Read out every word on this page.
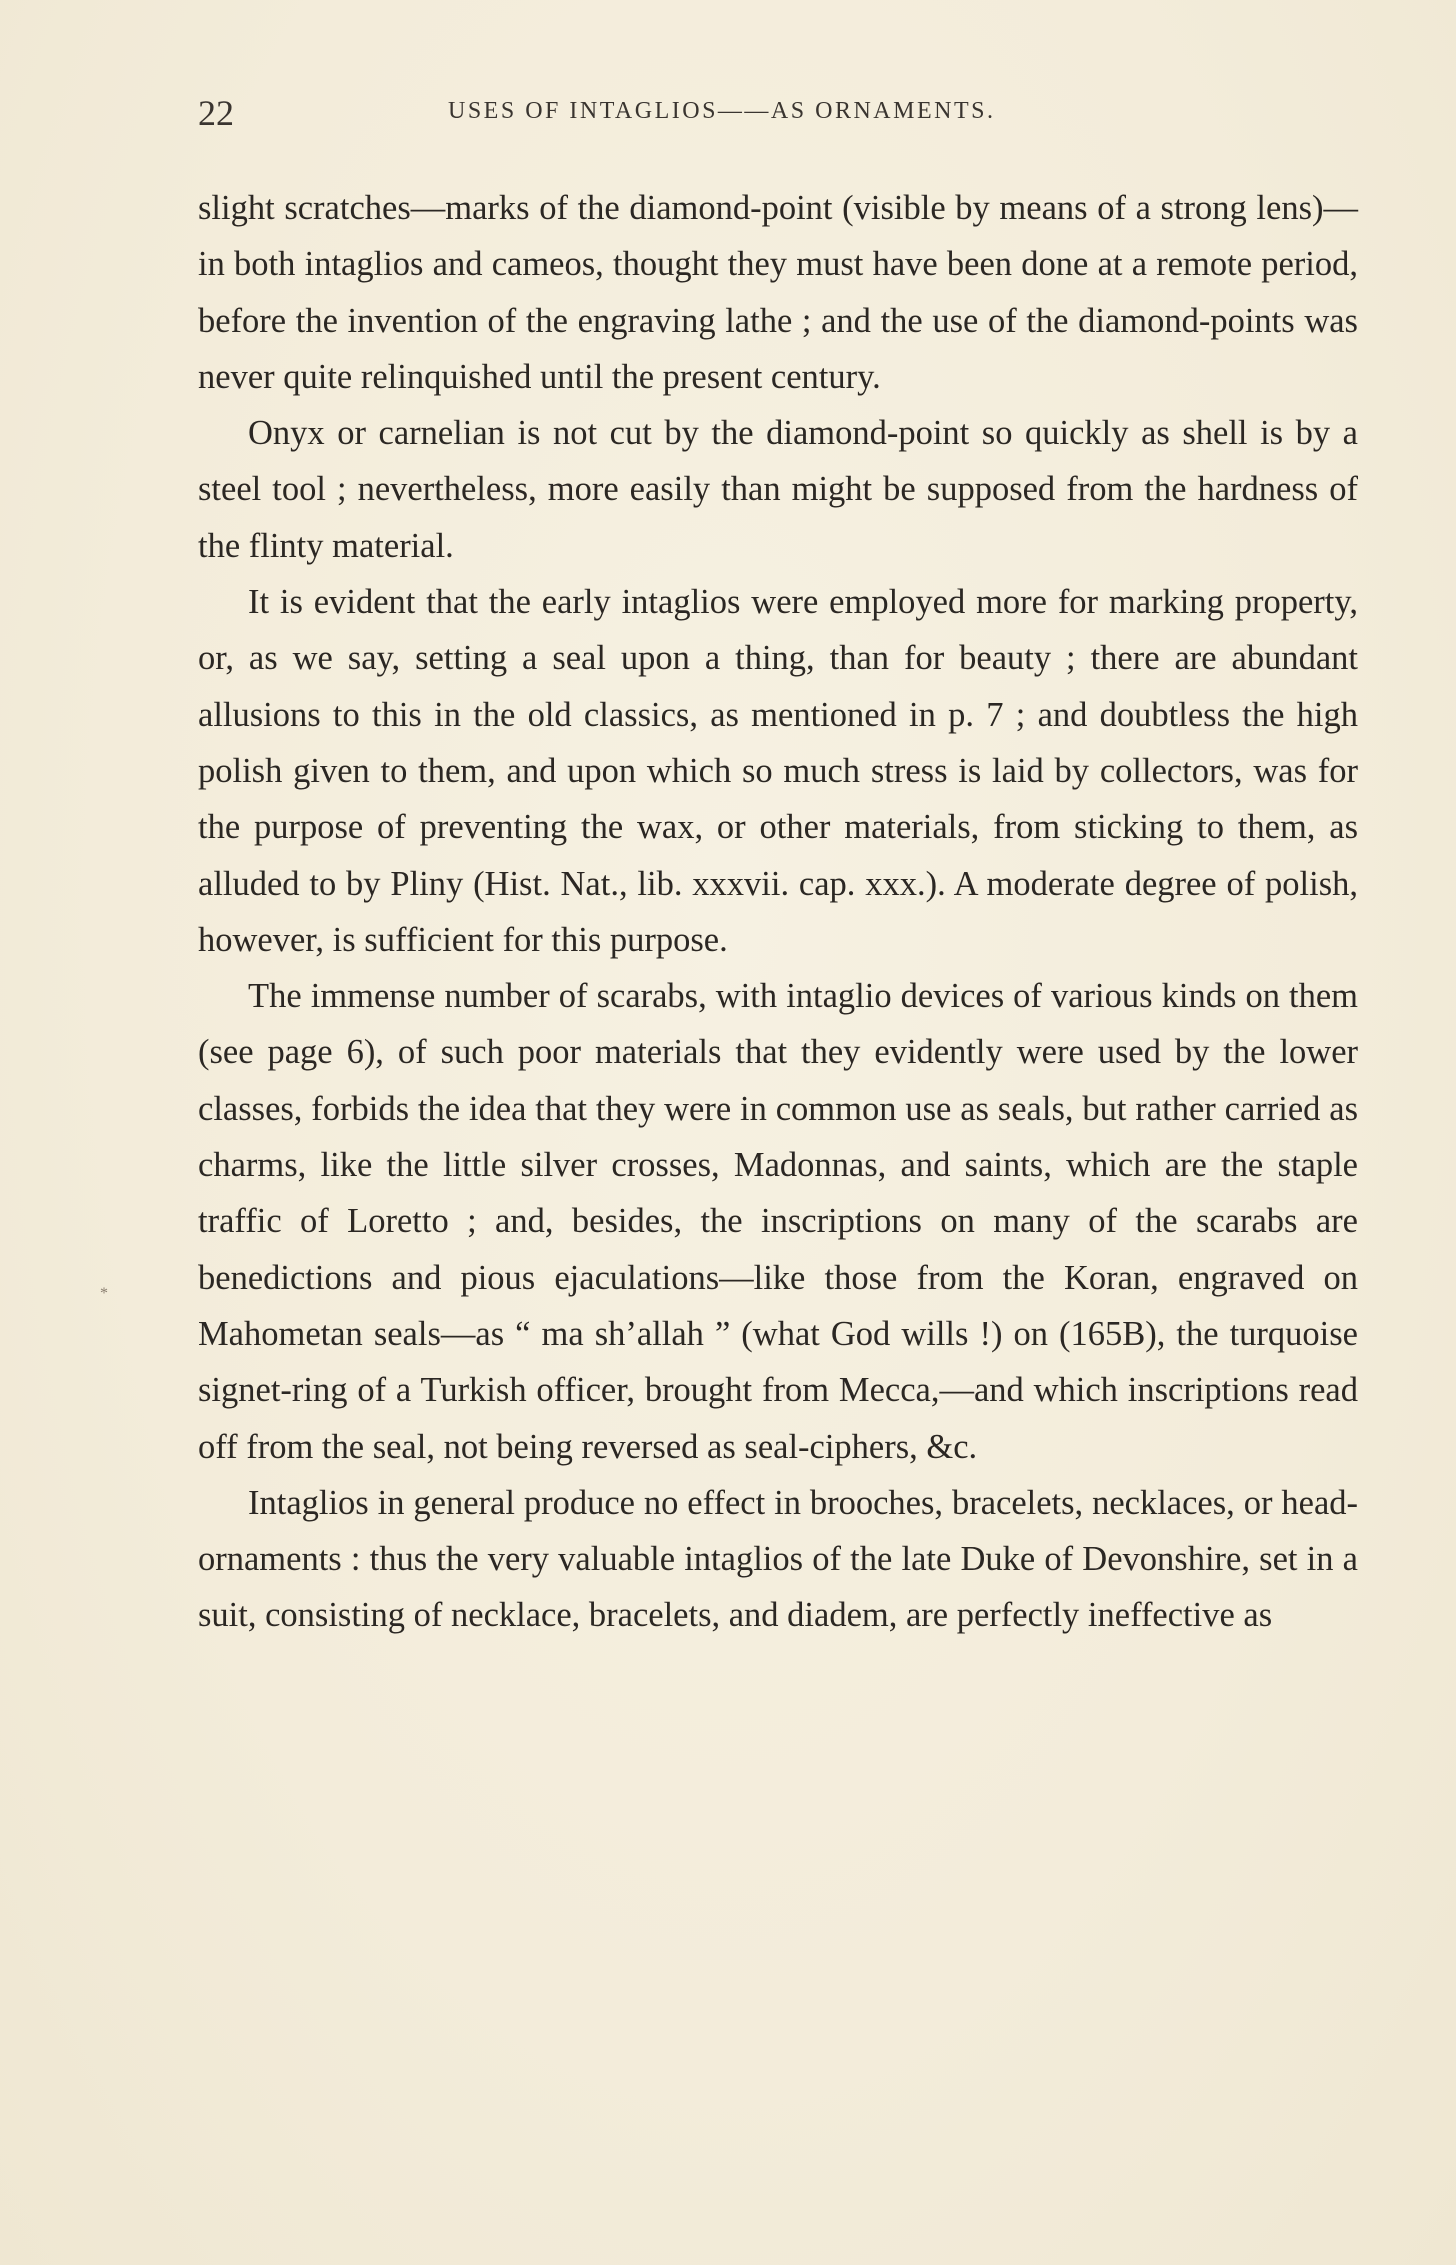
22	USES OF INTAGLIOS——AS ORNAMENTS.
*

slight scratches—marks of the diamond-point (visible by means of a strong lens)—in both intaglios and cameos, thought they must have been done at a remote period, before the invention of the engraving lathe ; and the use of the diamond-points was never quite relinquished until the present century.

Onyx or carnelian is not cut by the diamond-point so quickly as shell is by a steel tool ; nevertheless, more easily than might be supposed from the hardness of the flinty material.

It is evident that the early intaglios were employed more for marking property, or, as we say, setting a seal upon a thing, than for beauty ; there are abundant allusions to this in the old classics, as mentioned in p. 7 ; and doubtless the high polish given to them, and upon which so much stress is laid by collectors, was for the purpose of preventing the wax, or other materials, from sticking to them, as alluded to by Pliny (Hist. Nat., lib. xxxvii. cap. xxx.). A moderate degree of polish, however, is sufficient for this purpose.

The immense number of scarabs, with intaglio devices of various kinds on them (see page 6), of such poor materials that they evidently were used by the lower classes, forbids the idea that they were in common use as seals, but rather carried as charms, like the little silver crosses, Madonnas, and saints, which are the staple traffic of Loretto ; and, besides, the inscriptions on many of the scarabs are benedictions and pious ejaculations—like those from the Koran, engraved on Mahometan seals—as “ ma sh’allah ” (what God wills !) on (165B), the turquoise signet-ring of a Turkish officer, brought from Mecca,—and which inscriptions read off from the seal, not being reversed as seal-ciphers, &c.

Intaglios in general produce no effect in brooches, bracelets, necklaces, or head-ornaments : thus the very valuable intaglios of the late Duke of Devonshire, set in a suit, consisting of necklace, bracelets, and diadem, are perfectly ineffective as
